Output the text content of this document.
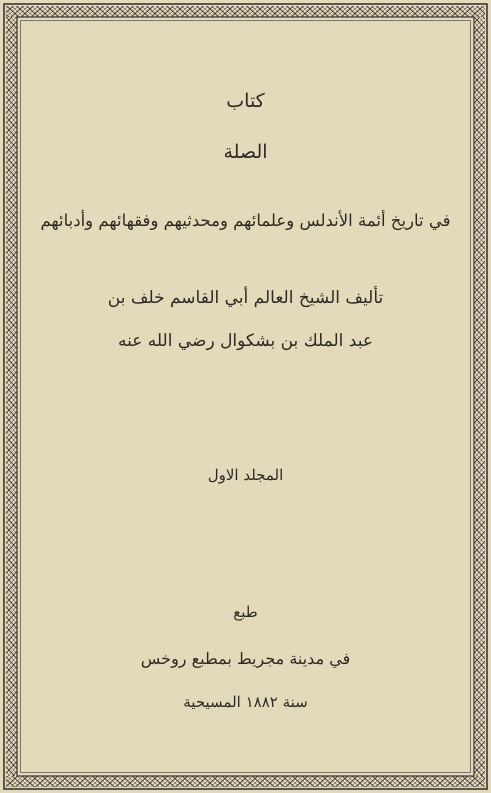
كتاب
الصلة
في تاريخ أئمة الأندلس وعلمائهم ومحدثيهم وفقهائهم وأدبائهم
تأليف الشيخ العالم أبي القاسم خلف بن
عبد الملك بن بشكوال رضي الله عنه
المجلد الاول
طبع
في مدينة مجريط بمطبع روخس
سنة ١٨٨٢ المسيحية
